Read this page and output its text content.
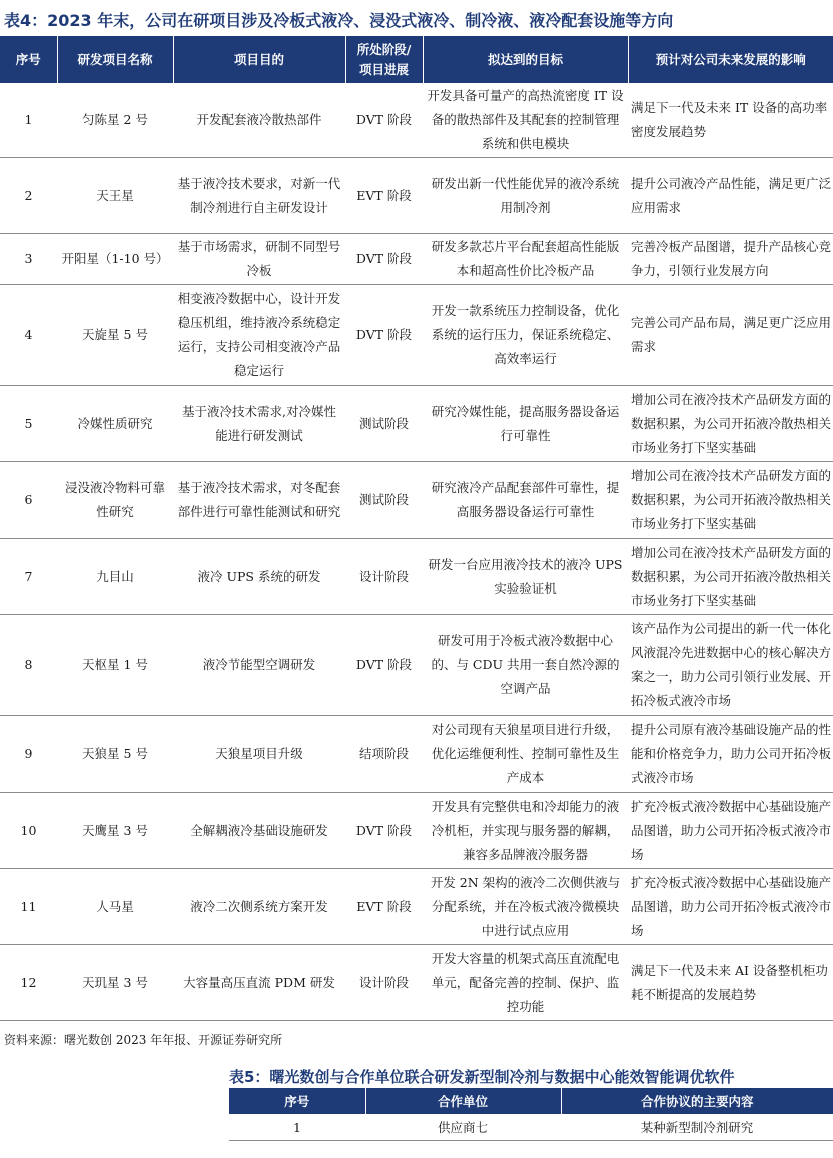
表4：2023 年末，公司在研项目涉及冷板式液冷、浸没式液冷、制冷液、液冷配套设施等方向
序号	研发项目名称	项目目的	所处阶段/项目进展	拟达到的目标	预计对公司未来发展的影响
1	匀陈星 2 号	开发配套液冷散热部件	DVT 阶段	开发具备可量产的高热流密度 IT 设备的散热部件及其配套的控制管理系统和供电模块	满足下一代及未来 IT 设备的高功率密度发展趋势
2	天王星	基于液冷技术要求，对新一代制冷剂进行自主研发设计	EVT 阶段	研发出新一代性能优异的液冷系统用制冷剂	提升公司液冷产品性能，满足更广泛应用需求
3	开阳星（1-10 号）	基于市场需求，研制不同型号冷板	DVT 阶段	研发多款芯片平台配套超高性能版本和超高性价比冷板产品	完善冷板产品图谱，提升产品核心竞争力，引领行业发展方向
4	天旋星 5 号	相变液冷数据中心，设计开发稳压机组，维持液冷系统稳定运行，支持公司相变液冷产品稳定运行	DVT 阶段	开发一款系统压力控制设备，优化系统的运行压力，保证系统稳定、高效率运行	完善公司产品布局，满足更广泛应用需求
5	冷媒性质研究	基于液冷技术需求,对冷媒性能进行研发测试	测试阶段	研究冷媒性能，提高服务器设备运行可靠性	增加公司在液冷技术产品研发方面的数据积累，为公司开拓液冷散热相关市场业务打下坚实基础
6	浸没液冷物料可靠性研究	基于液冷技术需求，对冬配套部件进行可靠性能测试和研究	测试阶段	研究液冷产品配套部件可靠性，提高服务器设备运行可靠性	增加公司在液冷技术产品研发方面的数据积累，为公司开拓液冷散热相关市场业务打下坚实基础
7	九目山	液冷 UPS 系统的研发	设计阶段	研发一台应用液冷技术的液冷 UPS 实验验证机	增加公司在液冷技术产品研发方面的数据积累，为公司开拓液冷散热相关市场业务打下坚实基础
8	天枢星 1 号	液冷节能型空调研发	DVT 阶段	研发可用于冷板式液冷数据中心的、与 CDU 共用一套自然冷源的空调产品	该产品作为公司提出的新一代一体化风液混冷先进数据中心的核心解决方案之一，助力公司引领行业发展、开拓冷板式液冷市场
9	天狼星 5 号	天狼星项目升级	结项阶段	对公司现有天狼星项目进行升级，优化运维便利性、控制可靠性及生产成本	提升公司原有液冷基础设施产品的性能和价格竞争力，助力公司开拓冷板式液冷市场
10	天鹰星 3 号	全解耦液冷基础设施研发	DVT 阶段	开发具有完整供电和冷却能力的液冷机柜，并实现与服务器的解耦，兼容多品牌液冷服务器	扩充冷板式液冷数据中心基础设施产品图谱，助力公司开拓冷板式液冷市场
11	人马星	液冷二次侧系统方案开发	EVT 阶段	开发 2N 架构的液冷二次侧供液与分配系统，并在冷板式液冷微模块中进行试点应用	扩充冷板式液冷数据中心基础设施产品图谱，助力公司开拓冷板式液冷市场
12	天玑星 3 号	大容量高压直流 PDM 研发	设计阶段	开发大容量的机架式高压直流配电单元，配备完善的控制、保护、监控功能	满足下一代及未来 AI 设备整机柜功耗不断提高的发展趋势
资料来源：曙光数创 2023 年年报、开源证券研究所
表5：曙光数创与合作单位联合研发新型制冷剂与数据中心能效智能调优软件
序号	合作单位	合作协议的主要内容
1	供应商七	某种新型制冷剂研究
